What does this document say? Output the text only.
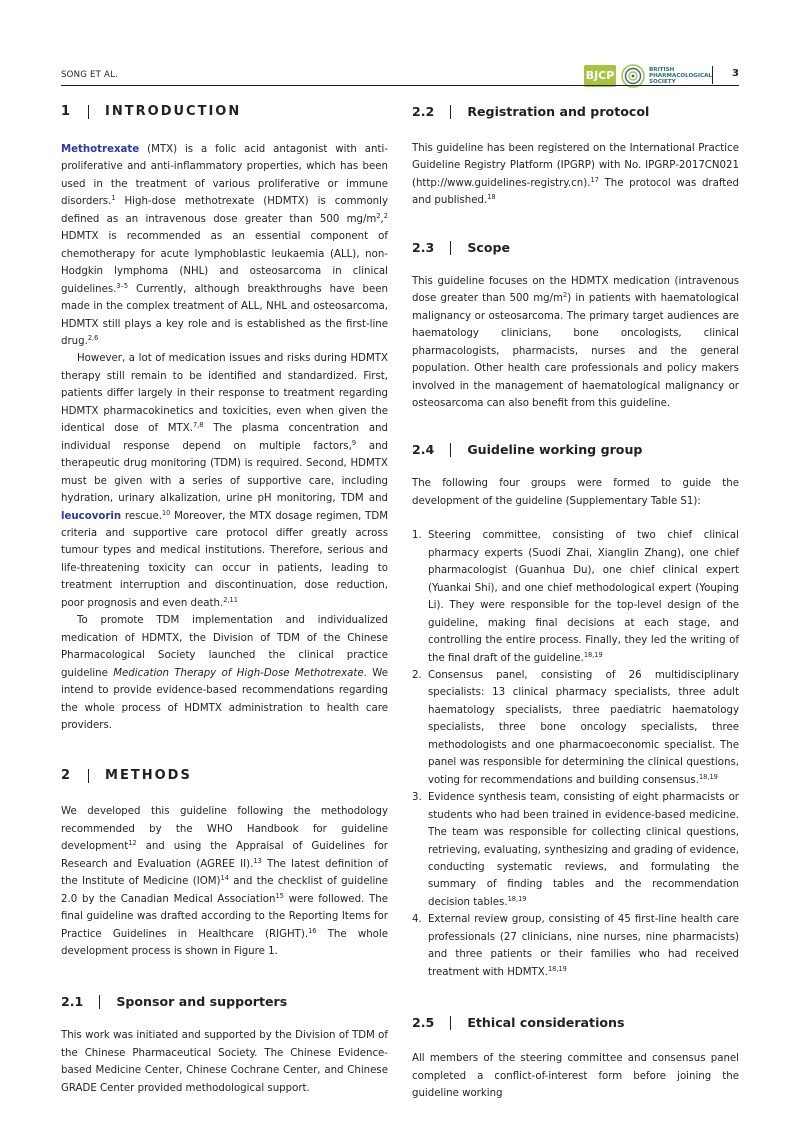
SONG ET AL.	BJCP	BRITISH
PHARMACOLOGICAL
SOCIETY
3
1	INTRODUCTION

Methotrexate (MTX) is a folic acid antagonist with anti-proliferative and anti-inflammatory properties, which has been used in the treatment of various proliferative or immune disorders.$^1$ High-dose methotrexate (HDMTX) is commonly defined as an intravenous dose greater than 500 $mg/m^2,^2$ HDMTX is recommended as an essential component of chemotherapy for acute lymphoblastic leukaemia (ALL), non-Hodgkin lymphoma (NHL) and osteosarcoma in clinical guidelines.$^{3-5}$ Currently, although breakthroughs have been made in the complex treatment of ALL, NHL and osteosarcoma, HDMTX still plays a key role and is established as the first-line drug.$^{2,6}$

However, a lot of medication issues and risks during HDMTX therapy still remain to be identified and standardized. First, patients differ largely in their response to treatment regarding HDMTX pharmacokinetics and toxicities, even when given the identical dose of MTX.$^{7,8}$ The plasma concentration and individual response depend on multiple factors,$^9$ and therapeutic drug monitoring (TDM) is required. Second, HDMTX must be given with a series of supportive care, including hydration, urinary alkalization, urine pH monitoring, TDM and leucovorin rescue.$^{10}$ Moreover, the MTX dosage regimen, TDM criteria and supportive care protocol differ greatly across tumour types and medical institutions. Therefore, serious and life-threatening toxicity can occur in patients, leading to treatment interruption and discontinuation, dose reduction, poor prognosis and even death.$^{2,11}$

To promote TDM implementation and individualized medication of HDMTX, the Division of TDM of the Chinese Pharmacological Society launched the clinical practice guideline Medication Therapy of High-Dose Methotrexate. We intend to provide evidence-based recommendations regarding the whole process of HDMTX administration to health care providers.

2	METHODS

We developed this guideline following the methodology recommended by the WHO Handbook for guideline development$^{12}$ and using the Appraisal of Guidelines for Research and Evaluation (AGREE II).$^{13}$ The latest definition of the Institute of Medicine (IOM)$^{14}$ and the checklist of guideline 2.0 by the Canadian Medical Association$^{15}$ were followed. The final guideline was drafted according to the Reporting Items for Practice Guidelines in Healthcare (RIGHT).$^{16}$ The whole development process is shown in Figure 1.

2.1	Sponsor and supporters

This work was initiated and supported by the Division of TDM of the Chinese Pharmaceutical Society. The Chinese Evidence-based Medicine Center, Chinese Cochrane Center, and Chinese GRADE Center provided methodological support.

2.2	Registration and protocol

This guideline has been registered on the International Practice Guideline Registry Platform (IPGRP) with No. IPGRP-2017CN021 (http://www.guidelines-registry.cn).$^{17}$ The protocol was drafted and published.$^{18}$

2.3	Scope

This guideline focuses on the HDMTX medication (intravenous dose greater than 500 $mg/m^2$) in patients with haematological malignancy or osteosarcoma. The primary target audiences are haematology clinicians, bone oncologists, clinical pharmacologists, pharmacists, nurses and the general population. Other health care professionals and policy makers involved in the management of haematological malignancy or osteosarcoma can also benefit from this guideline.

2.4	Guideline working group

The following four groups were formed to guide the development of the guideline (Supplementary Table S1):

1. Steering committee, consisting of two chief clinical pharmacy experts (Suodi Zhai, Xianglin Zhang), one chief pharmacologist (Guanhua Du), one chief clinical expert (Yuankai Shi), and one chief methodological expert (Youping Li). They were responsible for the top-level design of the guideline, making final decisions at each stage, and controlling the entire process. Finally, they led the writing of the final draft of the guideline.$^{18,19}$
2. Consensus panel, consisting of 26 multidisciplinary specialists: 13 clinical pharmacy specialists, three adult haematology specialists, three paediatric haematology specialists, three bone oncology specialists, three methodologists and one pharmacoeconomic specialist. The panel was responsible for determining the clinical questions, voting for recommendations and building consensus.$^{18,19}$
3. Evidence synthesis team, consisting of eight pharmacists or students who had been trained in evidence-based medicine. The team was responsible for collecting clinical questions, retrieving, evaluating, synthesizing and grading of evidence, conducting systematic reviews, and formulating the summary of finding tables and the recommendation decision tables.$^{18,19}$
4. External review group, consisting of 45 first-line health care professionals (27 clinicians, nine nurses, nine pharmacists) and three patients or their families who had received treatment with HDMTX.$^{18,19}$
2.5	Ethical considerations

All members of the steering committee and consensus panel completed a conflict-of-interest form before joining the guideline working
